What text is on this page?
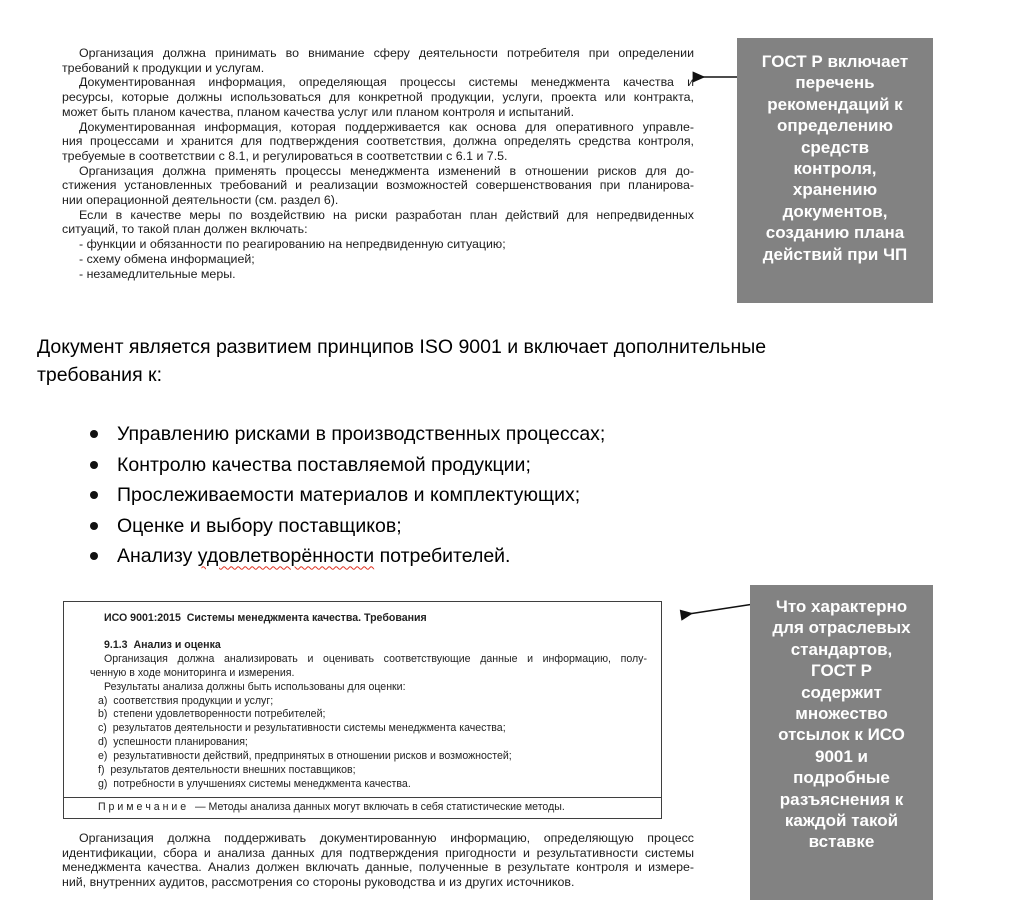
Организация должна принимать во внимание сферу деятельности потребителя при определении
требований к продукции и услугам.
Документированная информация, определяющая процессы системы менеджмента качества и
ресурсы, которые должны использоваться для конкретной продукции, услуги, проекта или контракта,
может быть планом качества, планом качества услуг или планом контроля и испытаний.
Документированная информация, которая поддерживается как основа для оперативного управле-
ния процессами и хранится для подтверждения соответствия, должна определять средства контроля,
требуемые в соответствии с 8.1, и регулироваться в соответствии с 6.1 и 7.5.
Организация должна применять процессы менеджмента изменений в отношении рисков для до-
стижения установленных требований и реализации возможностей совершенствования при планирова-
нии операционной деятельности (см. раздел 6).
Если в качестве меры по воздействию на риски разработан план действий для непредвиденных
ситуаций, то такой план должен включать:
- функции и обязанности по реагированию на непредвиденную ситуацию;
- схему обмена информацией;
- незамедлительные меры.
ГОСТ Р включает
перечень
рекомендаций к
определению
средств
контроля,
хранению
документов,
созданию плана
действий при ЧП
Документ является развитием принципов ISO 9001 и включает дополнительные
требования к:
Управлению рисками в производственных процессах;
Контролю качества поставляемой продукции;
Прослеживаемости материалов и комплектующих;
Оценке и выбору поставщиков;
Анализу удовлетворённости потребителей.
ИСО 9001:2015  Системы менеджмента качества. Требования
9.1.3  Анализ и оценка
Организация должна анализировать и оценивать соответствующие данные и информацию, полу-
ченную в ходе мониторинга и измерения.
Результаты анализа должны быть использованы для оценки:
a)  соответствия продукции и услуг;
b)  степени удовлетворенности потребителей;
c)  результатов деятельности и результативности системы менеджмента качества;
d)  успешности планирования;
e)  результативности действий, предпринятых в отношении рисков и возможностей;
f)  результатов деятельности внешних поставщиков;
g)  потребности в улучшениях системы менеджмента качества.
П р и м е ч а н и е   — Методы анализа данных могут включать в себя статистические методы.
Что характерно
для отраслевых
стандартов,
ГОСТ Р
содержит
множество
отсылок к ИСО
9001 и
подробные
разъяснения к
каждой такой
вставке
Организация должна поддерживать документированную информацию, определяющую процесс
идентификации, сбора и анализа данных для подтверждения пригодности и результативности системы
менеджмента качества. Анализ должен включать данные, полученные в результате контроля и измере-
ний, внутренних аудитов, рассмотрения со стороны руководства и из других источников.
